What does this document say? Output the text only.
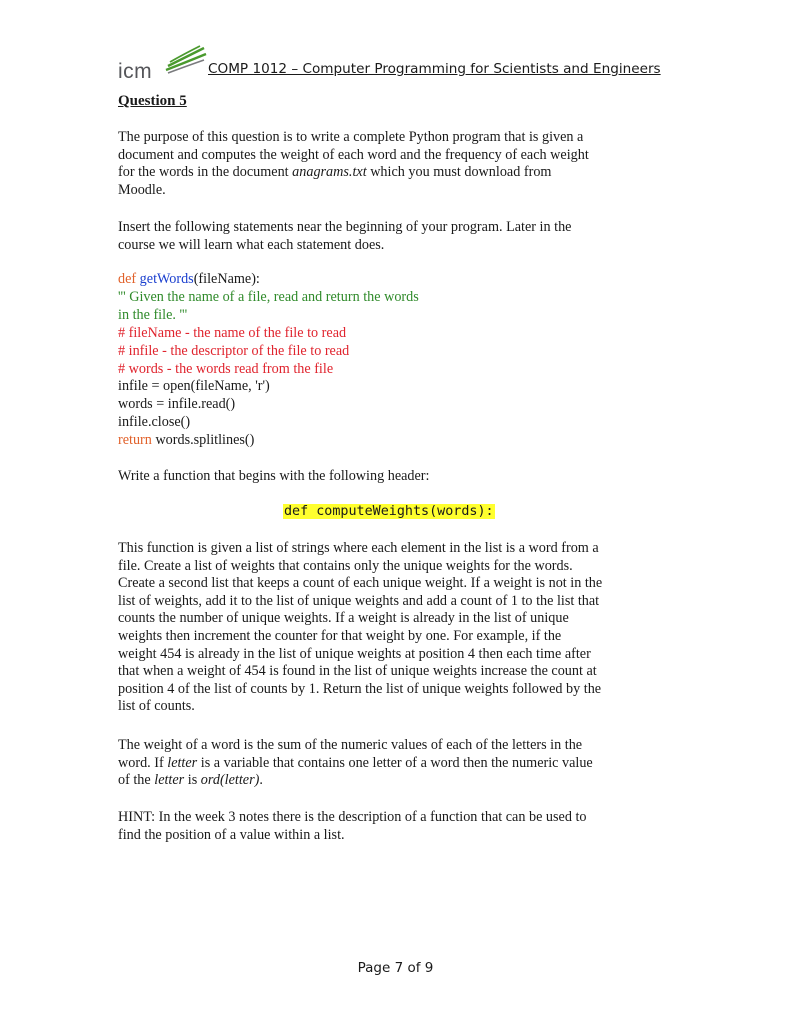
icm	COMP 1012 – Computer Programming for Scientists and Engineers
Question 5
The purpose of this question is to write a complete Python program that is given a
document and computes the weight of each word and the frequency of each weight
for the words in the document anagrams.txt which you must download from
Moodle.
Insert the following statements near the beginning of your program. Later in the
course we will learn what each statement does.
def getWords(fileName):
''' Given the name of a file, read and return the words
in the file. '''
# fileName - the name of the file to read
# infile - the descriptor of the file to read
# words - the words read from the file
infile = open(fileName, 'r')
words = infile.read()
infile.close()
return words.splitlines()
Write a function that begins with the following header:
def computeWeights(words):
This function is given a list of strings where each element in the list is a word from a
file. Create a list of weights that contains only the unique weights for the words.
Create a second list that keeps a count of each unique weight. If a weight is not in the
list of weights, add it to the list of unique weights and add a count of 1 to the list that
counts the number of unique weights. If a weight is already in the list of unique
weights then increment the counter for that weight by one. For example, if the
weight 454 is already in the list of unique weights at position 4 then each time after
that when a weight of 454 is found in the list of unique weights increase the count at
position 4 of the list of counts by 1. Return the list of unique weights followed by the
list of counts.
The weight of a word is the sum of the numeric values of each of the letters in the
word. If letter is a variable that contains one letter of a word then the numeric value
of the letter is ord(letter).
HINT: In the week 3 notes there is the description of a function that can be used to
find the position of a value within a list.
Page 7 of 9
